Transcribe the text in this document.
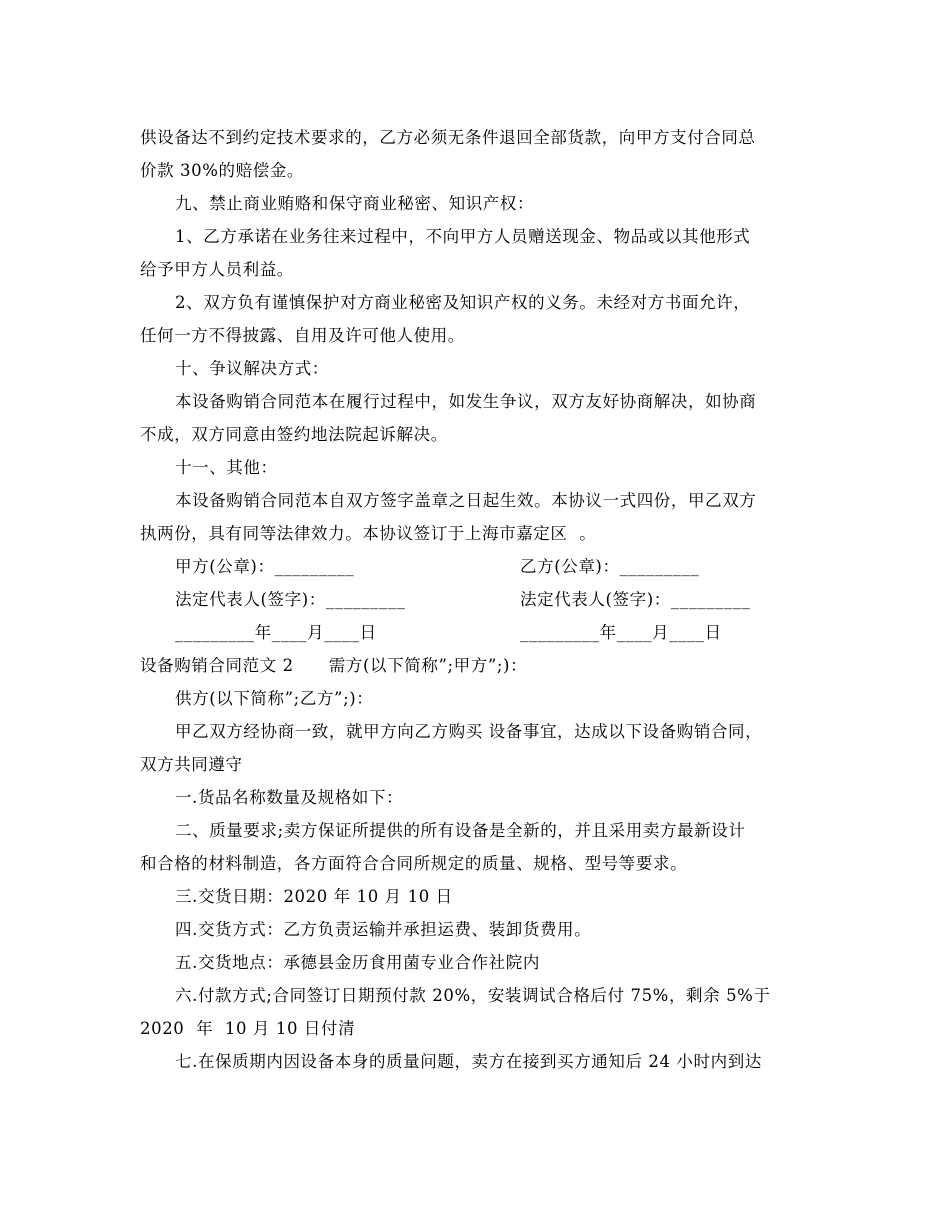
供设备达不到约定技术要求的，乙方必须无条件退回全部货款，向甲方支付合同总
价款 30%的赔偿金。
九、禁止商业贿赂和保守商业秘密、知识产权：
1、乙方承诺在业务往来过程中，不向甲方人员赠送现金、物品或以其他形式
给予甲方人员利益。
2、双方负有谨慎保护对方商业秘密及知识产权的义务。未经对方书面允许，
任何一方不得披露、自用及许可他人使用。
十、争议解决方式：
本设备购销合同范本在履行过程中，如发生争议，双方友好协商解决，如协商
不成，双方同意由签约地法院起诉解决。
十一、其他：
本设备购销合同范本自双方签字盖章之日起生效。本协议一式四份，甲乙双方
执两份，具有同等法律效力。本协议签订于上海市嘉定区  。
甲方(公章)：_________	乙方(公章)：_________
法定代表人(签字)：_________	法定代表人(签字)：_________
_________年____月____日	_________年____月____日
设备购销合同范文 2      需方(以下简称”;甲方”;)：
供方(以下简称”;乙方”;)：
甲乙双方经协商一致，就甲方向乙方购买 设备事宜，达成以下设备购销合同，
双方共同遵守
一.货品名称数量及规格如下：
二、质量要求;卖方保证所提供的所有设备是全新的，并且采用卖方最新设计
和合格的材料制造，各方面符合合同所规定的质量、规格、型号等要求。
三.交货日期：2020 年 10 月 10 日
四.交货方式：乙方负责运输并承担运费、装卸货费用。
五.交货地点：承德县金历食用菌专业合作社院内
六.付款方式;合同签订日期预付款 20%，安装调试合格后付 75%，剩余 5%于
2020  年  10 月 10 日付清
七.在保质期内因设备本身的质量问题，卖方在接到买方通知后 24 小时内到达
